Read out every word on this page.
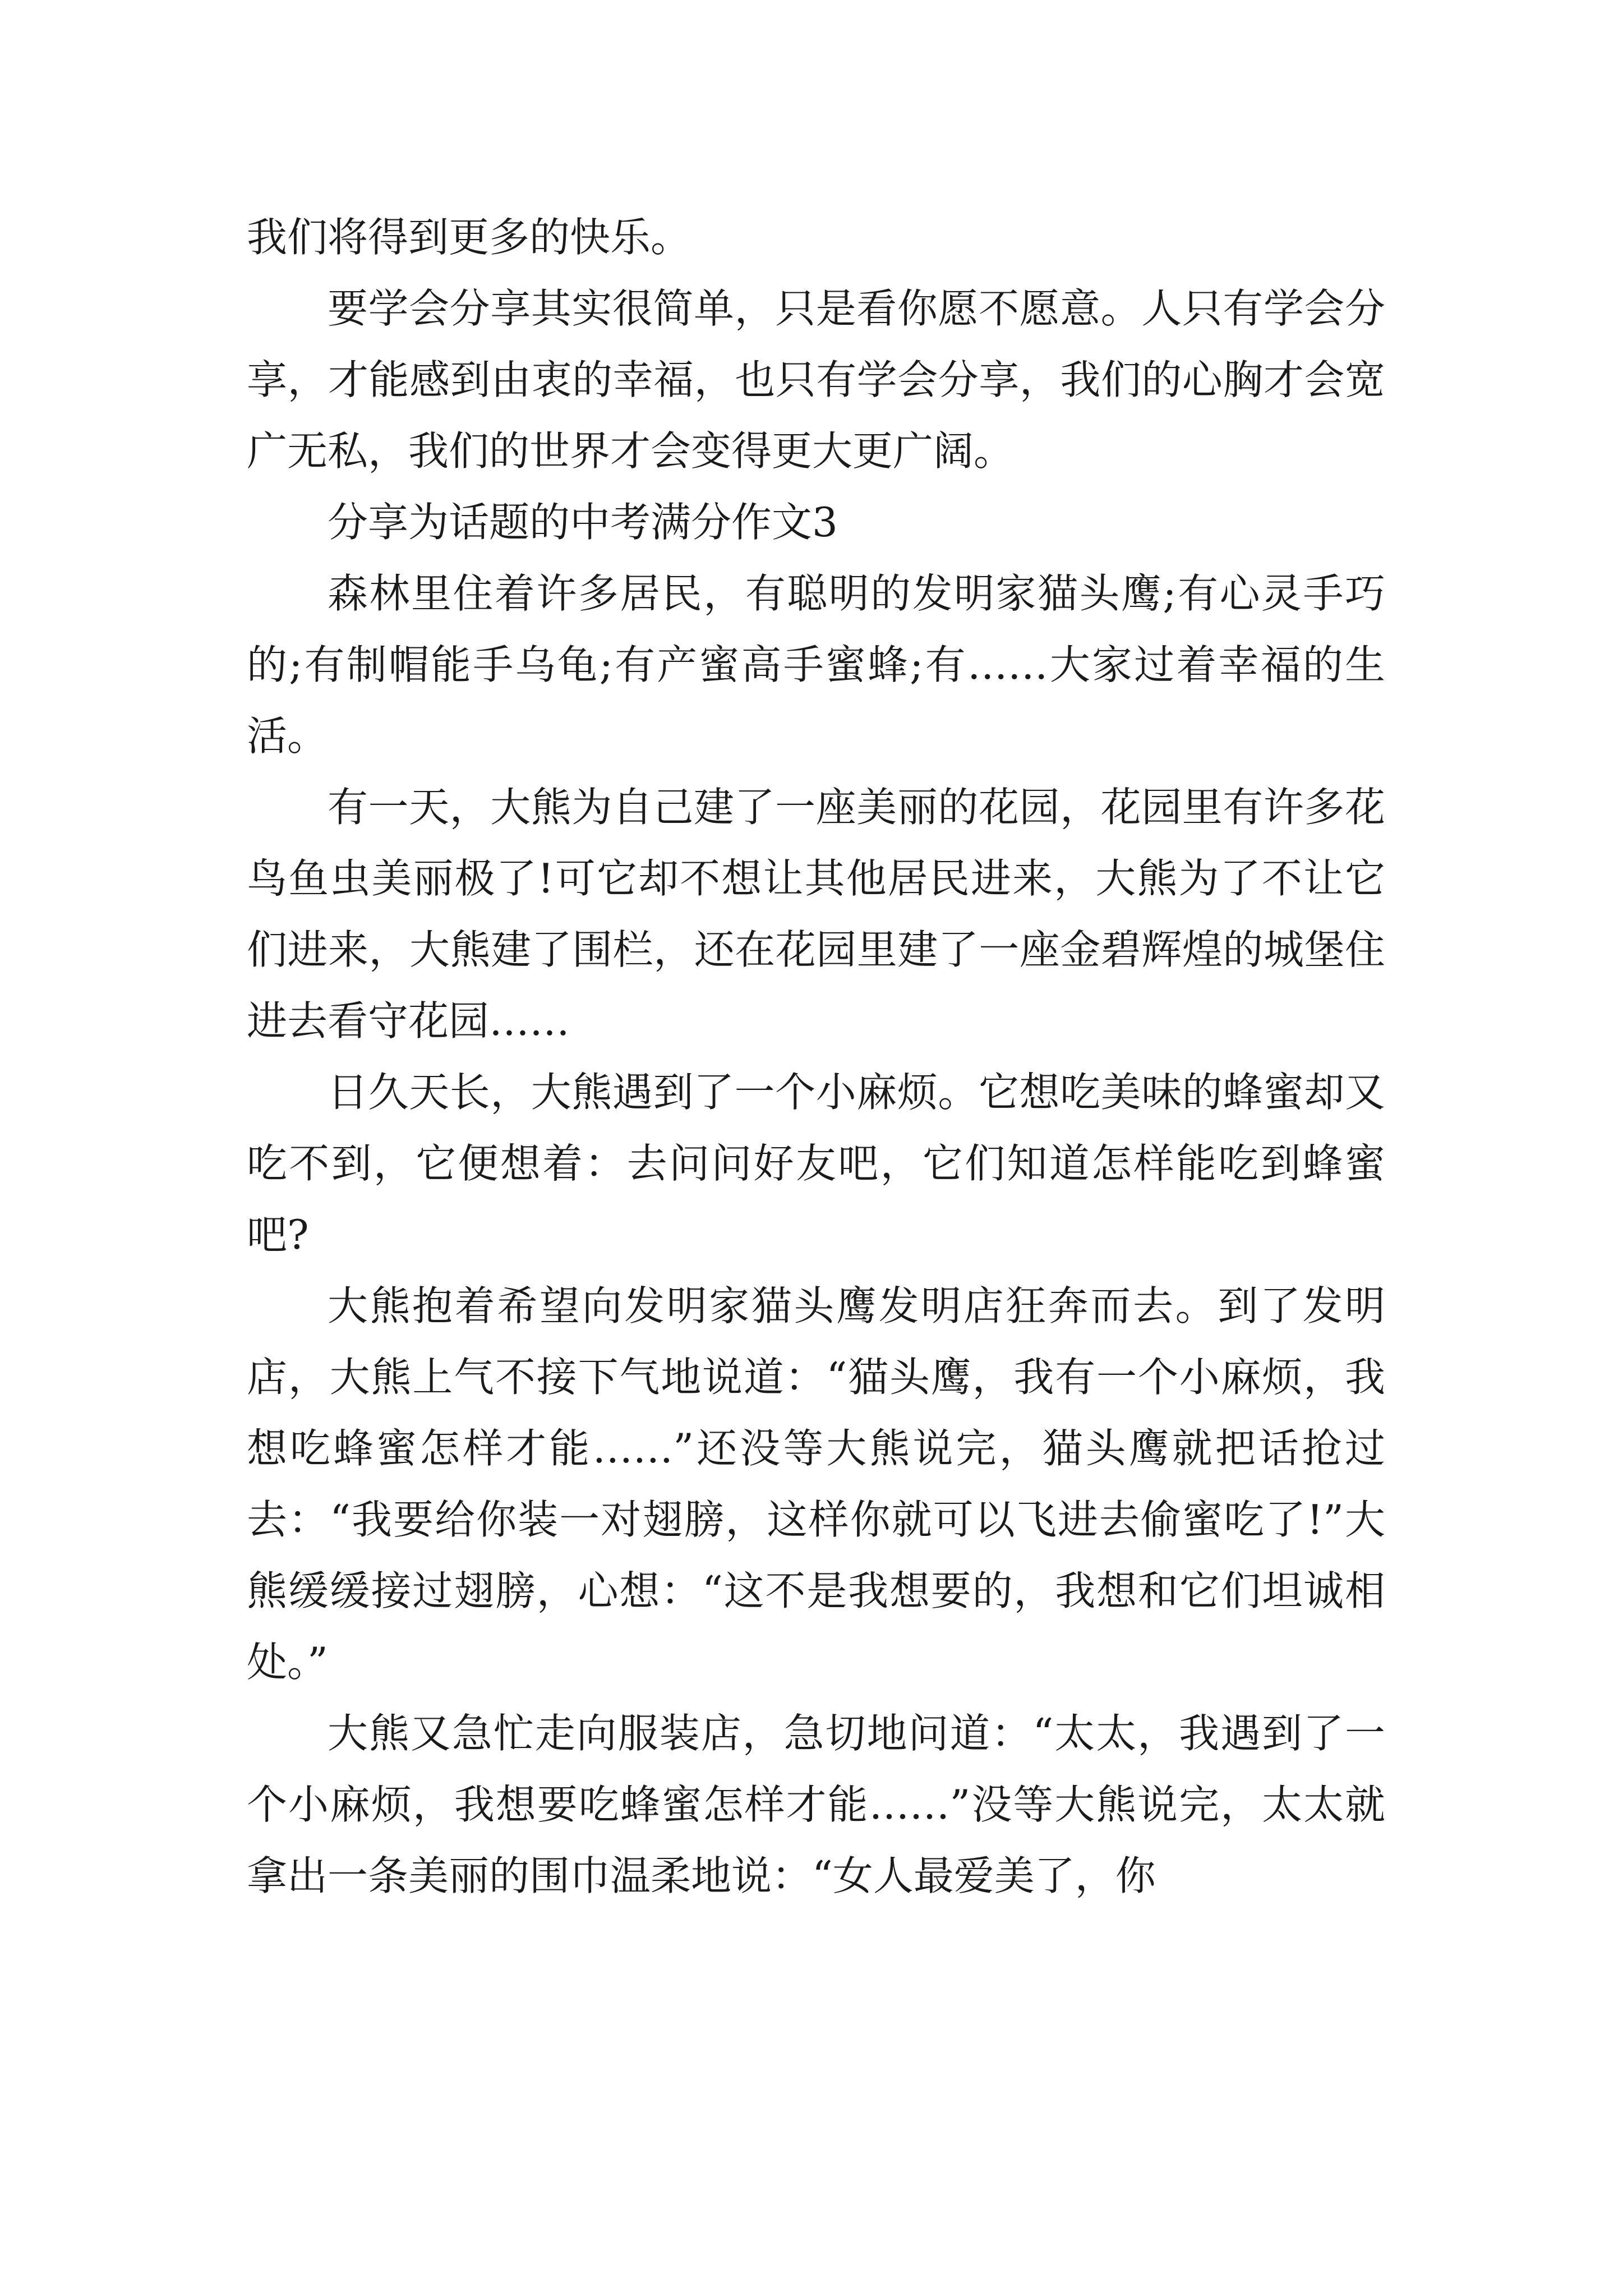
我们将得到更多的快乐。

要学会分享其实很简单，只是看你愿不愿意。人只有学会分享，才能感到由衷的幸福，也只有学会分享，我们的心胸才会宽广无私，我们的世界才会变得更大更广阔。

分享为话题的中考满分作文3

森林里住着许多居民，有聪明的发明家猫头鹰;有心灵手巧的;有制帽能手乌龟;有产蜜高手蜜蜂;有……大家过着幸福的生活。

有一天，大熊为自己建了一座美丽的花园，花园里有许多花鸟鱼虫美丽极了!可它却不想让其他居民进来，大熊为了不让它们进来，大熊建了围栏，还在花园里建了一座金碧辉煌的城堡住进去看守花园……

日久天长，大熊遇到了一个小麻烦。它想吃美味的蜂蜜却又吃不到，它便想着：去问问好友吧，它们知道怎样能吃到蜂蜜吧?

大熊抱着希望向发明家猫头鹰发明店狂奔而去。到了发明店，大熊上气不接下气地说道：“猫头鹰，我有一个小麻烦，我想吃蜂蜜怎样才能……”还没等大熊说完，猫头鹰就把话抢过去：“我要给你装一对翅膀，这样你就可以飞进去偷蜜吃了!”大熊缓缓接过翅膀，心想：“这不是我想要的，我想和它们坦诚相处。”

大熊又急忙走向服装店，急切地问道：“太太，我遇到了一个小麻烦，我想要吃蜂蜜怎样才能……”没等大熊说完，太太就拿出一条美丽的围巾温柔地说：“女人最爱美了，你
